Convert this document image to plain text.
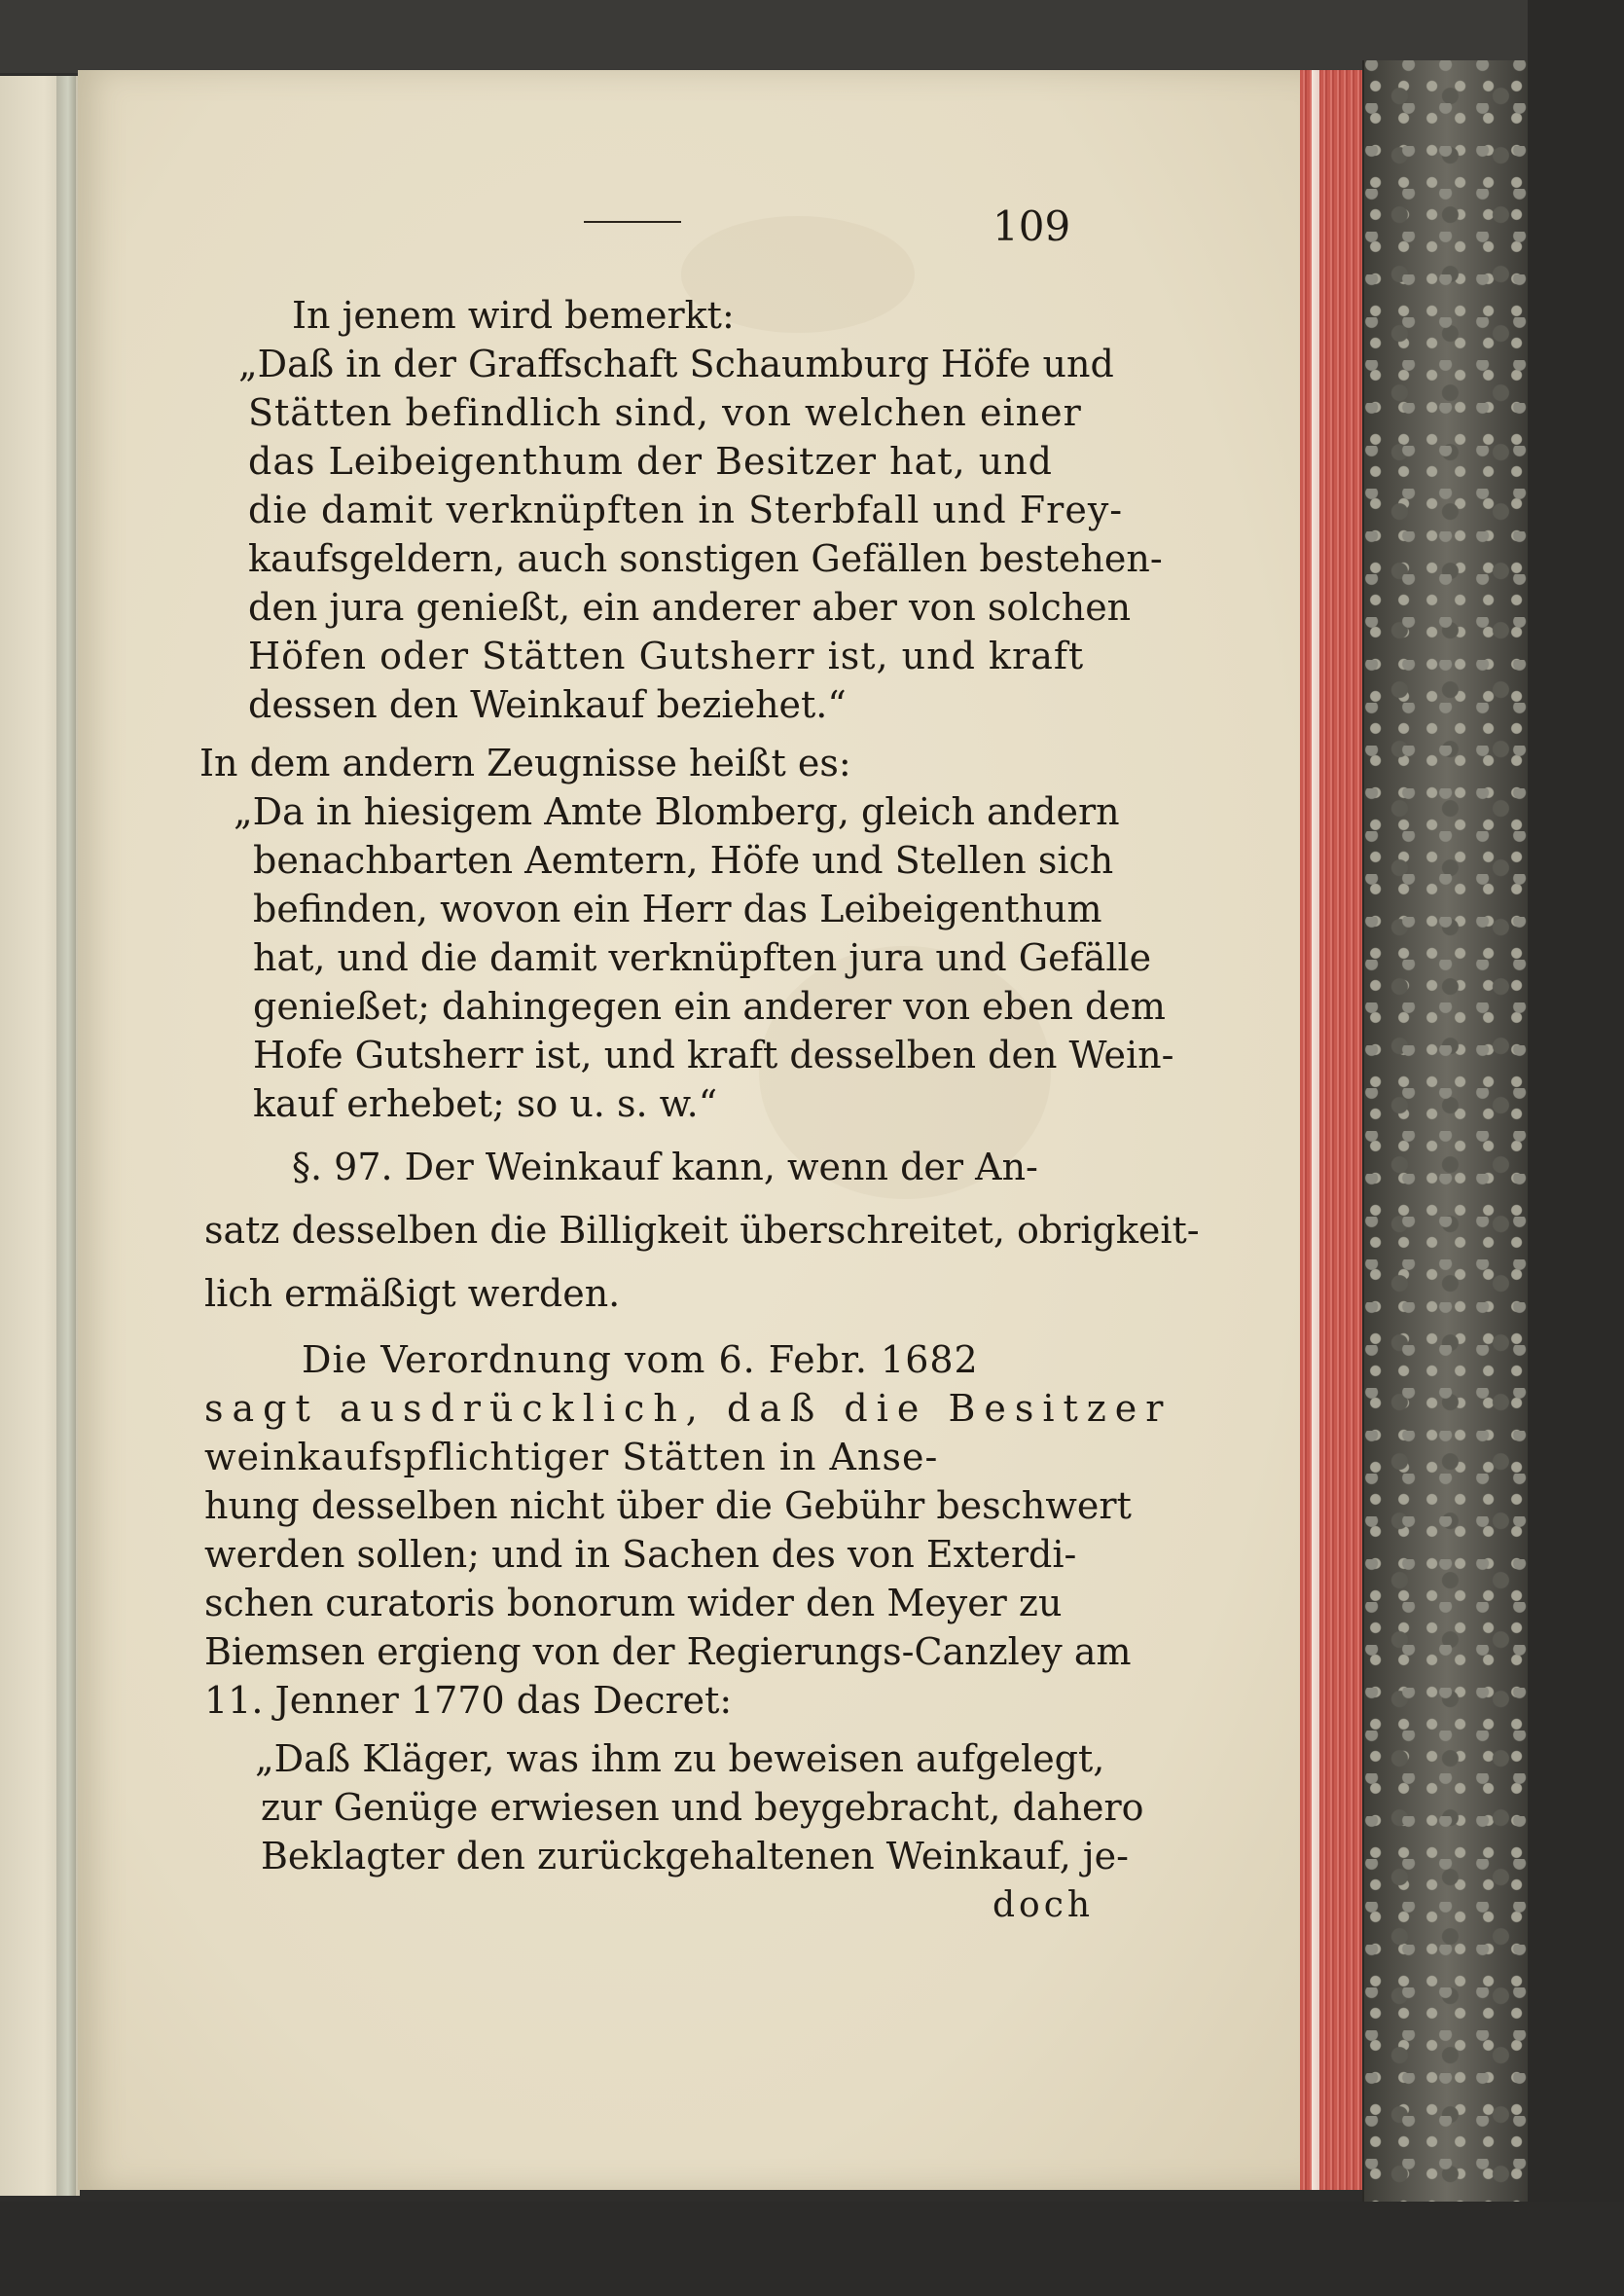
109
In jenem wird bemerkt:
„Daß in der Graffschaft Schaumburg Höfe und
Stätten befindlich sind, von welchen einer
das Leibeigenthum der Besitzer hat, und
die damit verknüpften in Sterbfall und Frey-
kaufsgeldern, auch sonstigen Gefällen bestehen-
den jura genießt, ein anderer aber von solchen
Höfen oder Stätten Gutsherr ist, und kraft
dessen den Weinkauf beziehet.“
In dem andern Zeugnisse heißt es:
„Da in hiesigem Amte Blomberg, gleich andern
benachbarten Aemtern, Höfe und Stellen sich
befinden, wovon ein Herr das Leibeigenthum
hat, und die damit verknüpften jura und Gefälle
genießet; dahingegen ein anderer von eben dem
Hofe Gutsherr ist, und kraft desselben den Wein-
kauf erhebet; so u. s. w.“
§. 97. Der Weinkauf kann, wenn der An-
satz desselben die Billigkeit überschreitet, obrigkeit-
lich ermäßigt werden.
Die Verordnung vom 6. Febr. 1682
sagt ausdrücklich, daß die Besitzer
weinkaufspflichtiger Stätten in Anse-
hung desselben nicht über die Gebühr beschwert
werden sollen; und in Sachen des von Exterdi-
schen curatoris bonorum wider den Meyer zu
Biemsen ergieng von der Regierungs-Canzley am
11. Jenner 1770 das Decret:
„Daß Kläger, was ihm zu beweisen aufgelegt,
zur Genüge erwiesen und beygebracht, dahero
Beklagter den zurückgehaltenen Weinkauf, je-
doch
